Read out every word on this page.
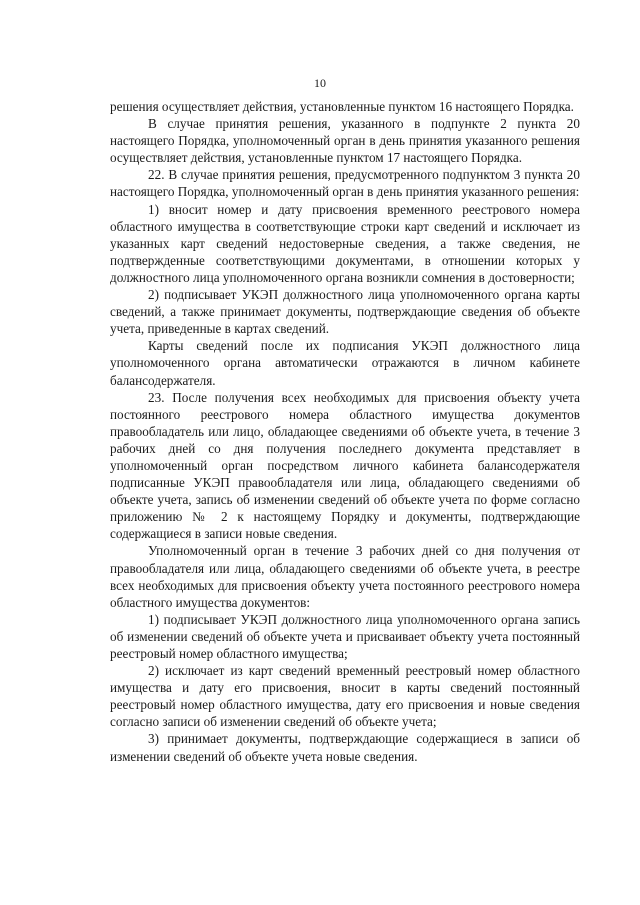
10

решения осуществляет действия, установленные пунктом 16 настоящего Порядка.

В случае принятия решения, указанного в подпункте 2 пункта 20 настоящего Порядка, уполномоченный орган в день принятия указанного решения осуществляет действия, установленные пунктом 17 настоящего Порядка.

22. В случае принятия решения, предусмотренного подпунктом 3 пункта 20 настоящего Порядка, уполномоченный орган в день принятия указанного решения:

1) вносит номер и дату присвоения временного реестрового номера областного имущества в соответствующие строки карт сведений и исключает из указанных карт сведений недостоверные сведения, а также сведения, не подтвержденные соответствующими документами, в отношении которых у должностного лица уполномоченного органа возникли сомнения в достоверности;

2) подписывает УКЭП должностного лица уполномоченного органа карты сведений, а также принимает документы, подтверждающие сведения об объекте учета, приведенные в картах сведений.

Карты сведений после их подписания УКЭП должностного лица уполномоченного органа автоматически отражаются в личном кабинете балансодержателя.

23. После получения всех необходимых для присвоения объекту учета постоянного реестрового номера областного имущества документов правообладатель или лицо, обладающее сведениями об объекте учета, в течение 3 рабочих дней со дня получения последнего документа представляет в уполномоченный орган посредством личного кабинета балансодержателя подписанные УКЭП правообладателя или лица, обладающего сведениями об объекте учета, запись об изменении сведений об объекте учета по форме согласно приложению № 2 к настоящему Порядку и документы, подтверждающие содержащиеся в записи новые сведения.

Уполномоченный орган в течение 3 рабочих дней со дня получения от правообладателя или лица, обладающего сведениями об объекте учета, в реестре всех необходимых для присвоения объекту учета постоянного реестрового номера областного имущества документов:

1) подписывает УКЭП должностного лица уполномоченного органа запись об изменении сведений об объекте учета и присваивает объекту учета постоянный реестровый номер областного имущества;

2) исключает из карт сведений временный реестровый номер областного имущества и дату его присвоения, вносит в карты сведений постоянный реестровый номер областного имущества, дату его присвоения и новые сведения согласно записи об изменении сведений об объекте учета;

3) принимает документы, подтверждающие содержащиеся в записи об изменении сведений об объекте учета новые сведения.
